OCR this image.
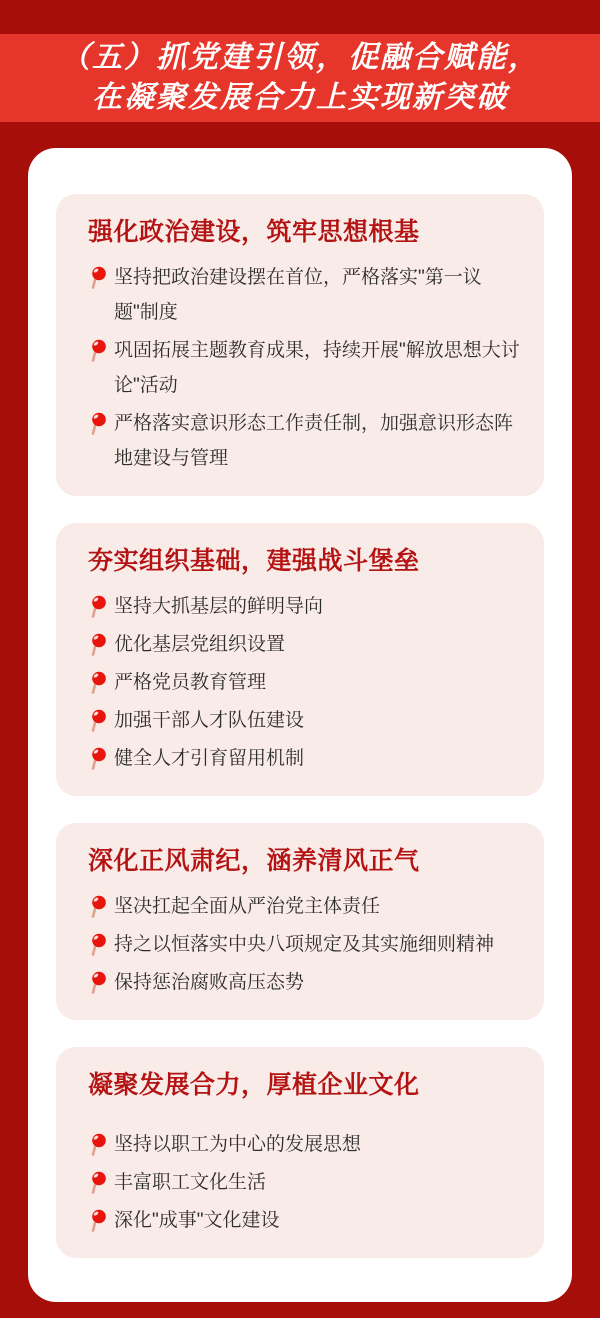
（五）抓党建引领，促融合赋能，
在凝聚发展合力上实现新突破
强化政治建设，筑牢思想根基
坚持把政治建设摆在首位，严格落实"第一议题"制度
巩固拓展主题教育成果，持续开展"解放思想大讨论"活动
严格落实意识形态工作责任制，加强意识形态阵地建设与管理
夯实组织基础，建强战斗堡垒
坚持大抓基层的鲜明导向
优化基层党组织设置
严格党员教育管理
加强干部人才队伍建设
健全人才引育留用机制
深化正风肃纪，涵养清风正气
坚决扛起全面从严治党主体责任
持之以恒落实中央八项规定及其实施细则精神
保持惩治腐败高压态势
凝聚发展合力，厚植企业文化
坚持以职工为中心的发展思想
丰富职工文化生活
深化"成事"文化建设
